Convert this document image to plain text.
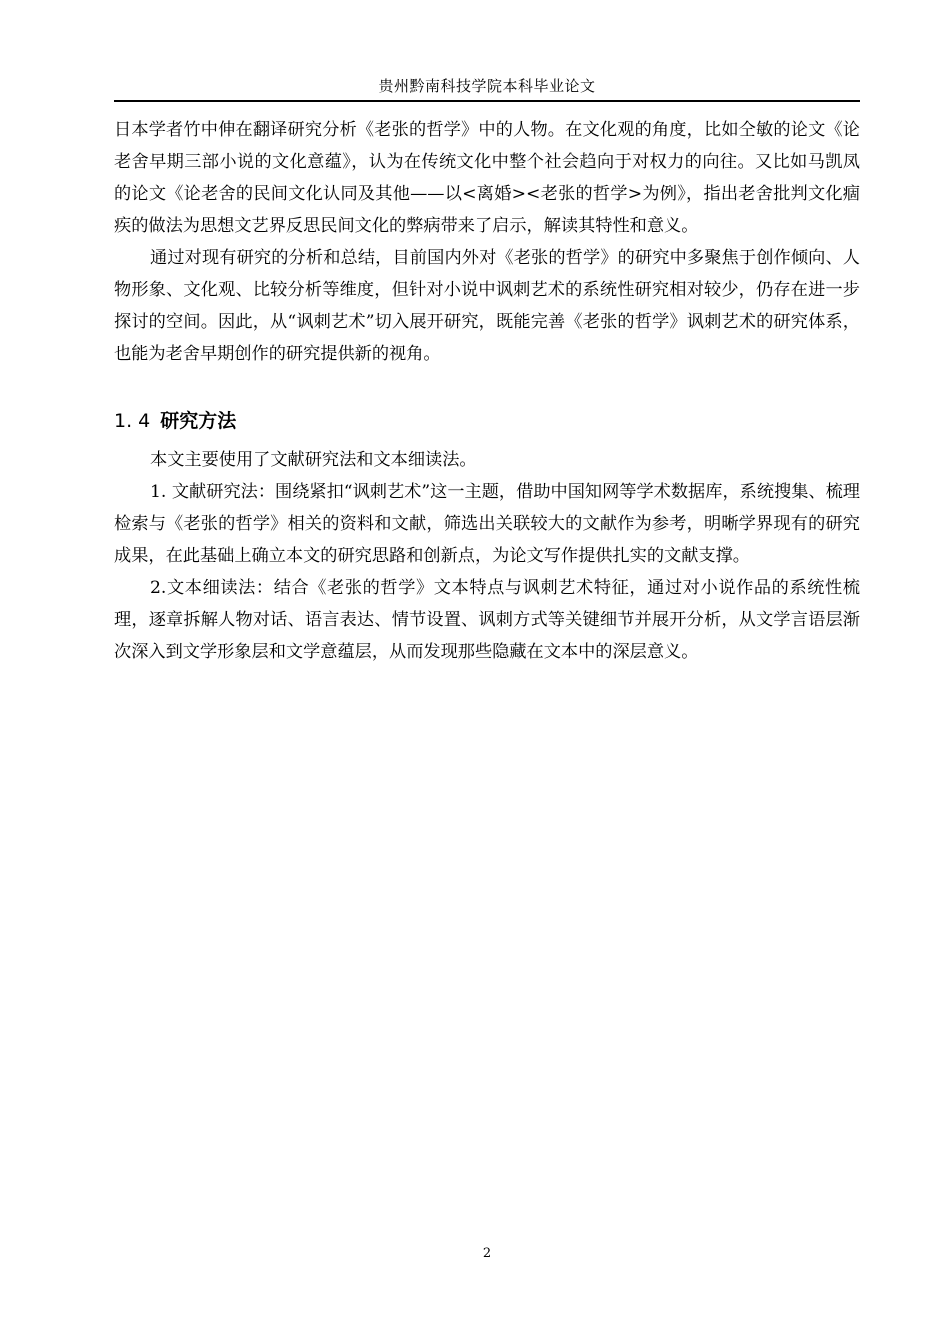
贵州黔南科技学院本科毕业论文

日本学者竹中伸在翻译研究分析《老张的哲学》中的人物。在文化观的角度，比如仝敏的论文《论老舍早期三部小说的文化意蕴》，认为在传统文化中整个社会趋向于对权力的向往。又比如马凯凤的论文《论老舍的民间文化认同及其他——以<离婚><老张的哲学>为例》，指出老舍批判文化痼疾的做法为思想文艺界反思民间文化的弊病带来了启示，解读其特性和意义。

通过对现有研究的分析和总结，目前国内外对《老张的哲学》的研究中多聚焦于创作倾向、人物形象、文化观、比较分析等维度，但针对小说中讽刺艺术的系统性研究相对较少，仍存在进一步探讨的空间。因此，从“讽刺艺术”切入展开研究，既能完善《老张的哲学》讽刺艺术的研究体系，也能为老舍早期创作的研究提供新的视角。

1. 4 研究方法

本文主要使用了文献研究法和文本细读法。

1. 文献研究法：围绕紧扣“讽刺艺术”这一主题，借助中国知网等学术数据库，系统搜集、梳理检索与《老张的哲学》相关的资料和文献，筛选出关联较大的文献作为参考，明晰学界现有的研究成果，在此基础上确立本文的研究思路和创新点，为论文写作提供扎实的文献支撑。

2.文本细读法：结合《老张的哲学》文本特点与讽刺艺术特征，通过对小说作品的系统性梳理，逐章拆解人物对话、语言表达、情节设置、讽刺方式等关键细节并展开分析，从文学言语层渐次深入到文学形象层和文学意蕴层，从而发现那些隐藏在文本中的深层意义。

2
